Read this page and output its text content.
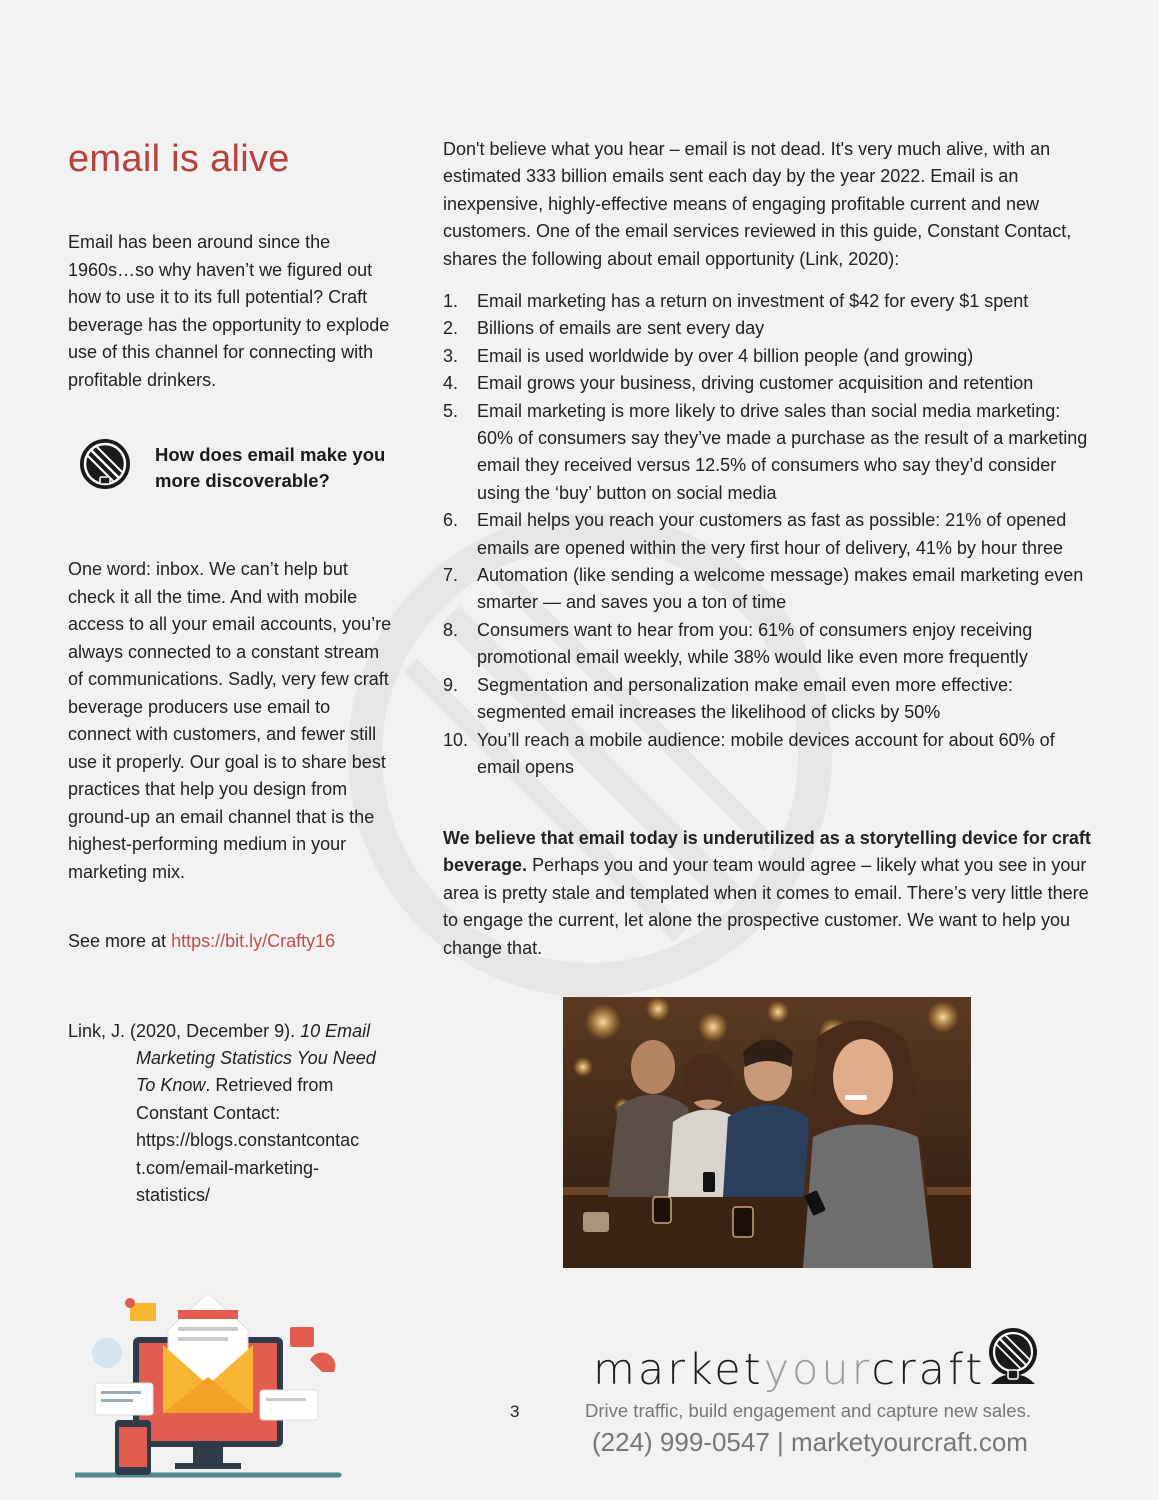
email is alive
Email has been around since the 1960s…so why haven’t we figured out how to use it to its full potential? Craft beverage has the opportunity to explode use of this channel for connecting with profitable drinkers.
How does email make you more discoverable?
One word: inbox. We can’t help but check it all the time. And with mobile access to all your email accounts, you’re always connected to a constant stream of communications. Sadly, very few craft beverage producers use email to connect with customers, and fewer still use it properly. Our goal is to share best practices that help you design from ground-up an email channel that is the highest-performing medium in your marketing mix.
See more at https://bit.ly/Crafty16
Link, J. (2020, December 9). 10 Email
Marketing Statistics You Need To Know. Retrieved from Constant Contact: https://blogs.constantcontac t.com/email-marketing-statistics/
Don't believe what you hear – email is not dead. It's very much alive, with an estimated 333 billion emails sent each day by the year 2022. Email is an inexpensive, highly-effective means of engaging profitable current and new customers. One of the email services reviewed in this guide, Constant Contact, shares the following about email opportunity (Link, 2020):
1. Email marketing has a return on investment of $42 for every $1 spent
2. Billions of emails are sent every day
3. Email is used worldwide by over 4 billion people (and growing)
4. Email grows your business, driving customer acquisition and retention
5. Email marketing is more likely to drive sales than social media marketing: 60% of consumers say they’ve made a purchase as the result of a marketing email they received versus 12.5% of consumers who say they’d consider using the ‘buy’ button on social media
6. Email helps you reach your customers as fast as possible: 21% of opened emails are opened within the very first hour of delivery, 41% by hour three
7. Automation (like sending a welcome message) makes email marketing even smarter — and saves you a ton of time
8. Consumers want to hear from you: 61% of consumers enjoy receiving promotional email weekly, while 38% would like even more frequently
9. Segmentation and personalization make email even more effective: segmented email increases the likelihood of clicks by 50%
10. You’ll reach a mobile audience: mobile devices account for about 60% of email opens
We believe that email today is underutilized as a storytelling device for craft beverage. Perhaps you and your team would agree – likely what you see in your area is pretty stale and templated when it comes to email. There’s very little there to engage the current, let alone the prospective customer. We want to help you change that.
3
marketyourcraft
Drive traffic, build engagement and capture new sales.
(224) 999-0547 | marketyourcraft.com
